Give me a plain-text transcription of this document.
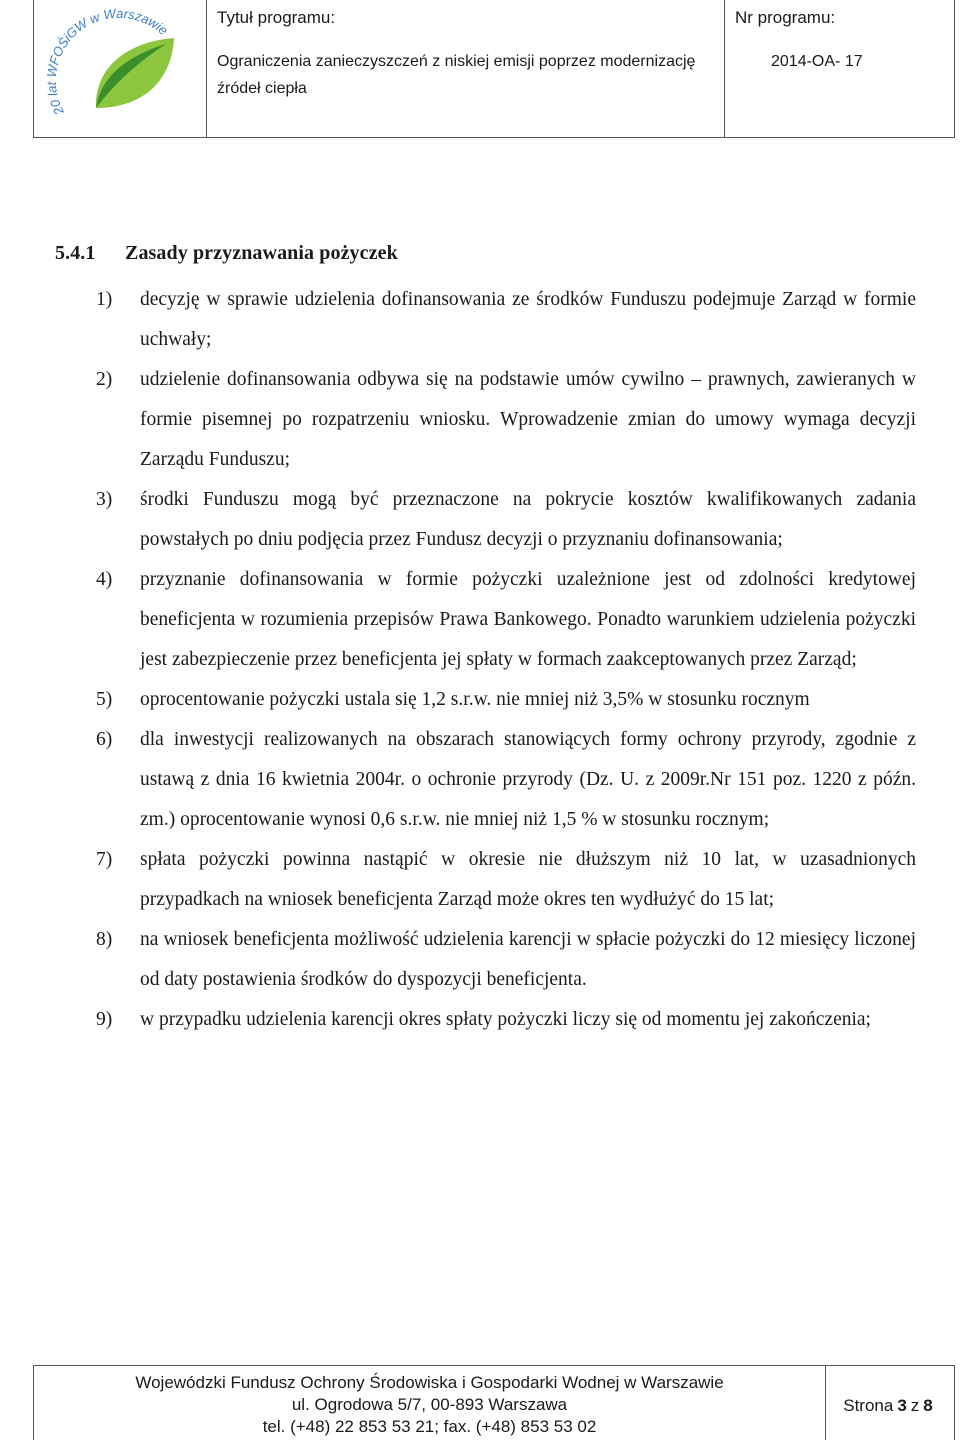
20 lat WFOŚiGW w Warszawie

Tytuł programu:

Ograniczenia zanieczyszczeń z niskiej emisji poprzez modernizację źródeł ciepła

Nr programu:

2014-OA- 17
5.4.1 Zasady przyznawania pożyczek
1) decyzję w sprawie udzielenia dofinansowania ze środków Funduszu podejmuje Zarząd w formie uchwały;
2) udzielenie dofinansowania odbywa się na podstawie umów cywilno – prawnych, zawieranych w formie pisemnej po rozpatrzeniu wniosku. Wprowadzenie zmian do umowy wymaga decyzji Zarządu Funduszu;
3) środki Funduszu mogą być przeznaczone na pokrycie kosztów kwalifikowanych zadania powstałych po dniu podjęcia przez Fundusz decyzji o przyznaniu dofinansowania;
4) przyznanie dofinansowania w formie pożyczki uzależnione jest od zdolności kredytowej beneficjenta w rozumienia przepisów Prawa Bankowego. Ponadto warunkiem udzielenia pożyczki jest zabezpieczenie przez beneficjenta jej spłaty w formach zaakceptowanych przez Zarząd;
5) oprocentowanie pożyczki ustala się 1,2 s.r.w. nie mniej niż 3,5% w stosunku rocznym
6) dla inwestycji realizowanych na obszarach stanowiących formy ochrony przyrody, zgodnie z ustawą z dnia 16 kwietnia 2004r. o ochronie przyrody (Dz. U. z 2009r.Nr 151 poz. 1220 z późn. zm.) oprocentowanie wynosi 0,6 s.r.w. nie mniej niż 1,5 % w stosunku rocznym;
7) spłata pożyczki powinna nastąpić w okresie nie dłuższym niż 10 lat, w uzasadnionych przypadkach na wniosek beneficjenta Zarząd może okres ten wydłużyć do 15 lat;
8) na wniosek beneficjenta możliwość udzielenia karencji w spłacie pożyczki do 12 miesięcy liczonej od daty postawienia środków do dyspozycji beneficjenta.
9) w przypadku udzielenia karencji okres spłaty pożyczki liczy się od momentu jej zakończenia;
Wojewódzki Fundusz Ochrony Środowiska i Gospodarki Wodnej w Warszawie
ul. Ogrodowa 5/7, 00-893 Warszawa
tel. (+48) 22 853 53 21; fax. (+48) 853 53 02
Strona 3 z 8
